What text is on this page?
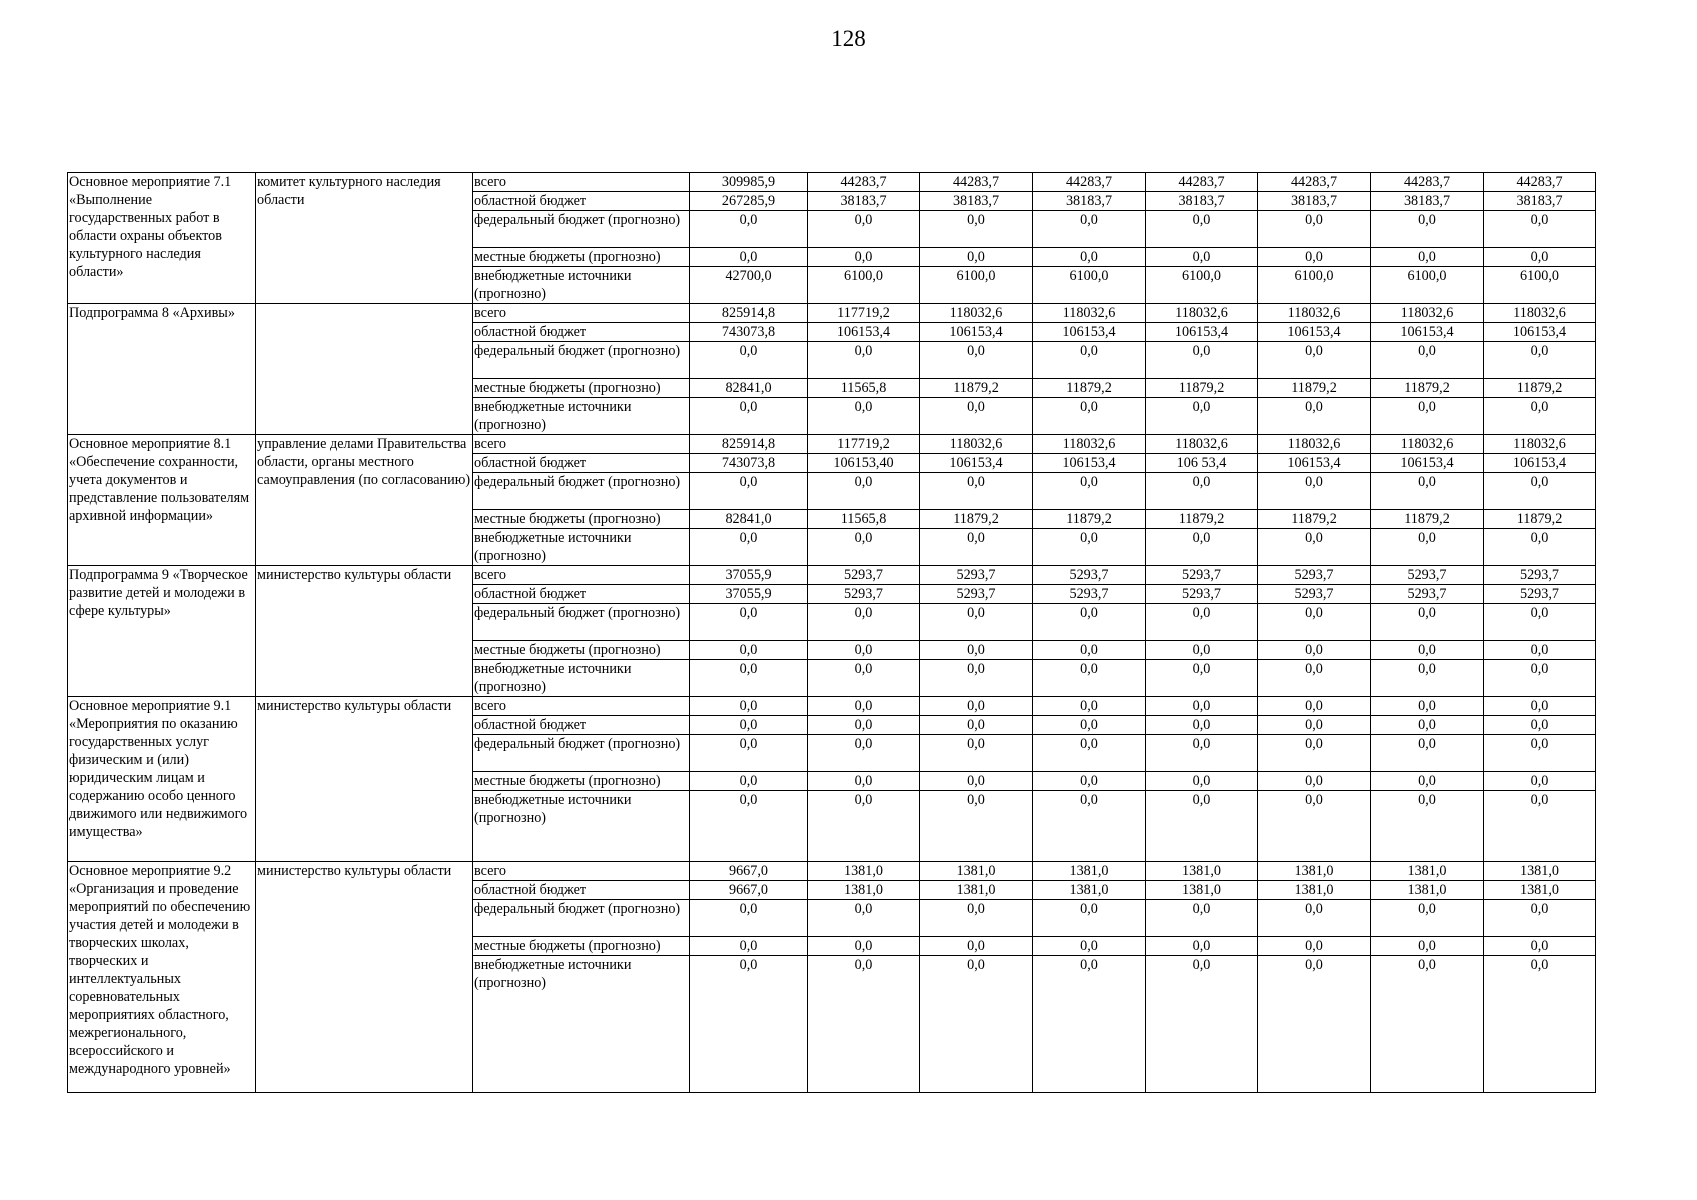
128
Основное мероприятие 7.1 «Выполнение государственных работ в области охраны объектов культурного наследия области»	комитет культурного наследия области	всего	309985,9	44283,7	44283,7	44283,7	44283,7	44283,7	44283,7	44283,7
		областной бюджет	267285,9	38183,7	38183,7	38183,7	38183,7	38183,7	38183,7	38183,7
		федеральный бюджет (прогнозно)	0,0	0,0	0,0	0,0	0,0	0,0	0,0	0,0
		местные бюджеты (прогнозно)	0,0	0,0	0,0	0,0	0,0	0,0	0,0	0,0
		внебюджетные источники (прогнозно)	42700,0	6100,0	6100,0	6100,0	6100,0	6100,0	6100,0	6100,0
Подпрограмма 8 «Архивы»		всего	825914,8	117719,2	118032,6	118032,6	118032,6	118032,6	118032,6	118032,6
		областной бюджет	743073,8	106153,4	106153,4	106153,4	106153,4	106153,4	106153,4	106153,4
		федеральный бюджет (прогнозно)	0,0	0,0	0,0	0,0	0,0	0,0	0,0	0,0
		местные бюджеты (прогнозно)	82841,0	11565,8	11879,2	11879,2	11879,2	11879,2	11879,2	11879,2
		внебюджетные источники (прогнозно)	0,0	0,0	0,0	0,0	0,0	0,0	0,0	0,0
Основное мероприятие 8.1 «Обеспечение сохранности, учета документов и представление пользователям архивной информации»	управление делами Правительства области, органы местного самоуправления (по согласованию)	всего	825914,8	117719,2	118032,6	118032,6	118032,6	118032,6	118032,6	118032,6
		областной бюджет	743073,8	106153,40	106153,4	106153,4	106 53,4	106153,4	106153,4	106153,4
		федеральный бюджет (прогнозно)	0,0	0,0	0,0	0,0	0,0	0,0	0,0	0,0
		местные бюджеты (прогнозно)	82841,0	11565,8	11879,2	11879,2	11879,2	11879,2	11879,2	11879,2
		внебюджетные источники (прогнозно)	0,0	0,0	0,0	0,0	0,0	0,0	0,0	0,0
Подпрограмма 9 «Творческое развитие детей и молодежи в сфере культуры»	министерство культуры области	всего	37055,9	5293,7	5293,7	5293,7	5293,7	5293,7	5293,7	5293,7
		областной бюджет	37055,9	5293,7	5293,7	5293,7	5293,7	5293,7	5293,7	5293,7
		федеральный бюджет (прогнозно)	0,0	0,0	0,0	0,0	0,0	0,0	0,0	0,0
		местные бюджеты (прогнозно)	0,0	0,0	0,0	0,0	0,0	0,0	0,0	0,0
		внебюджетные источники (прогнозно)	0,0	0,0	0,0	0,0	0,0	0,0	0,0	0,0
Основное мероприятие 9.1 «Мероприятия по оказанию государственных услуг физическим и (или) юридическим лицам и содержанию особо ценного движимого или недвижимого имущества»	министерство культуры области	всего	0,0	0,0	0,0	0,0	0,0	0,0	0,0	0,0
		областной бюджет	0,0	0,0	0,0	0,0	0,0	0,0	0,0	0,0
		федеральный бюджет (прогнозно)	0,0	0,0	0,0	0,0	0,0	0,0	0,0	0,0
		местные бюджеты (прогнозно)	0,0	0,0	0,0	0,0	0,0	0,0	0,0	0,0
		внебюджетные источники (прогнозно)	0,0	0,0	0,0	0,0	0,0	0,0	0,0	0,0
Основное мероприятие 9.2 «Организация и проведение мероприятий по обеспечению участия детей и молодежи в творческих школах, творческих и интеллектуальных соревновательных мероприятиях областного, межрегионального, всероссийского и международного уровней»	министерство культуры области	всего	9667,0	1381,0	1381,0	1381,0	1381,0	1381,0	1381,0	1381,0
		областной бюджет	9667,0	1381,0	1381,0	1381,0	1381,0	1381,0	1381,0	1381,0
		федеральный бюджет (прогнозно)	0,0	0,0	0,0	0,0	0,0	0,0	0,0	0,0
		местные бюджеты (прогнозно)	0,0	0,0	0,0	0,0	0,0	0,0	0,0	0,0
		внебюджетные источники (прогнозно)	0,0	0,0	0,0	0,0	0,0	0,0	0,0	0,0
